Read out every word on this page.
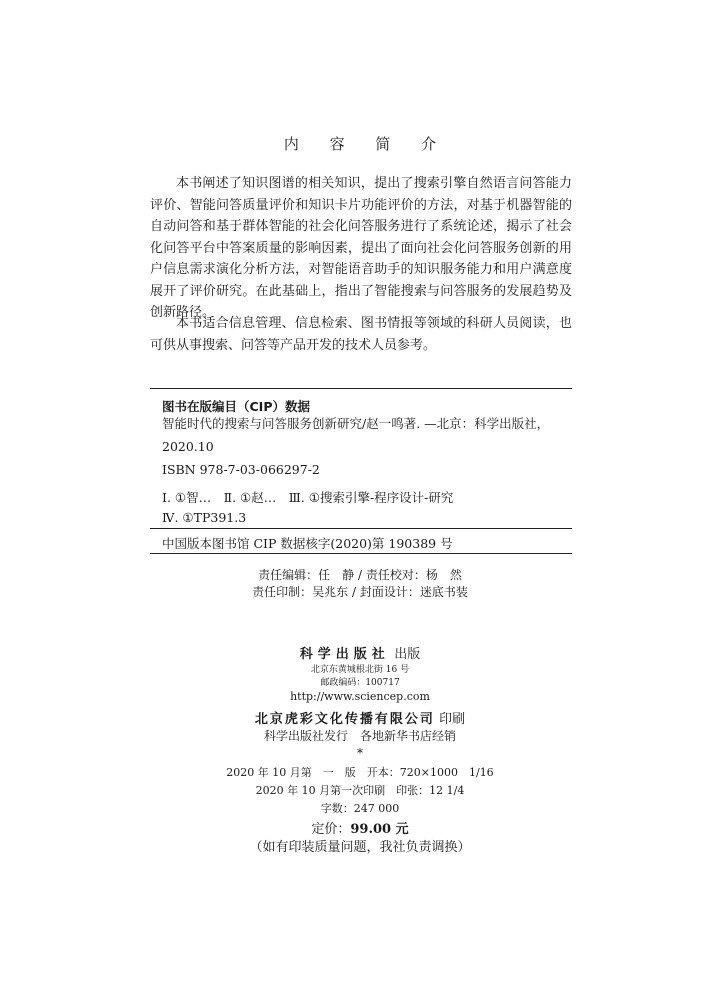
内 容 简 介
本书阐述了知识图谱的相关知识，提出了搜索引擎自然语言问答能力评价、智能问答质量评价和知识卡片功能评价的方法，对基于机器智能的自动问答和基于群体智能的社会化问答服务进行了系统论述，揭示了社会化问答平台中答案质量的影响因素，提出了面向社会化问答服务创新的用户信息需求演化分析方法，对智能语音助手的知识服务能力和用户满意度展开了评价研究。在此基础上，指出了智能搜索与问答服务的发展趋势及创新路径。
本书适合信息管理、信息检索、图书情报等领域的科研人员阅读，也可供从事搜索、问答等产品开发的技术人员参考。
图书在版编目（CIP）数据
智能时代的搜索与问答服务创新研究/赵一鸣著. —北京：科学出版社，2020.10
ISBN 978-7-03-066297-2
Ⅰ. ①智…　Ⅱ. ①赵…　Ⅲ. ①搜索引擎-程序设计-研究
Ⅳ. ①TP391.3
中国版本图书馆 CIP 数据核字(2020)第 190389 号
责任编辑：任　静 / 责任校对：杨　然
责任印制：吴兆东 / 封面设计：迷底书装
科学出版社 出版
北京东黄城根北街 16 号
邮政编码：100717
http://www.sciencep.com
北京虎彩文化传播有限公司 印刷
科学出版社发行　各地新华书店经销
*
2020 年 10 月第　一　版　开本：720×1000　1/16
2020 年 10 月第一次印刷　印张：12 1/4
字数：247 000
定价：99.00 元
（如有印装质量问题，我社负责调换）
